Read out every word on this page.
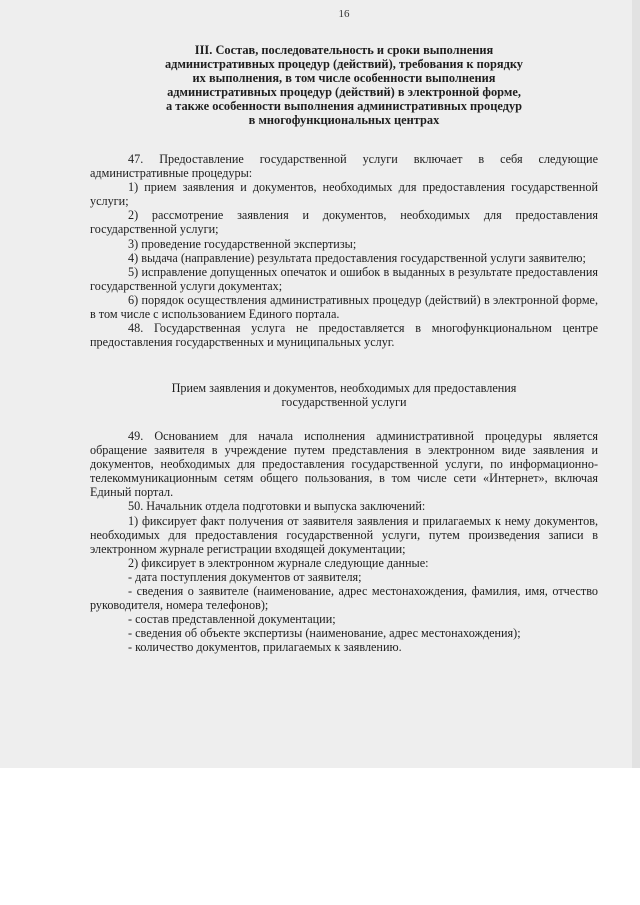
16
III. Состав, последовательность и сроки выполнения
административных процедур (действий), требования к порядку
их выполнения, в том числе особенности выполнения
административных процедур (действий) в электронной форме,
а также особенности выполнения административных процедур
в многофункциональных центрах

47. Предоставление государственной услуги включает в себя следующие административные процедуры:

1) прием заявления и документов, необходимых для предоставления государственной услуги;

2) рассмотрение заявления и документов, необходимых для предоставления государственной услуги;

3) проведение государственной экспертизы;

4) выдача (направление) результата предоставления государственной услуги заявителю;

5) исправление допущенных опечаток и ошибок в выданных в результате предоставления государственной услуги документах;

6) порядок осуществления административных процедур (действий) в электронной форме, в том числе с использованием Единого портала.

48. Государственная услуга не предоставляется в многофункциональном центре предоставления государственных и муниципальных услуг.

Прием заявления и документов, необходимых для предоставления
государственной услуги

49. Основанием для начала исполнения административной процедуры является обращение заявителя в учреждение путем представления в электронном виде заявления и документов, необходимых для предоставления государственной услуги, по информационно-телекоммуникационным сетям общего пользования, в том числе сети «Интернет», включая Единый портал.

50. Начальник отдела подготовки и выпуска заключений:

1) фиксирует факт получения от заявителя заявления и прилагаемых к нему документов, необходимых для предоставления государственной услуги, путем произведения записи в электронном журнале регистрации входящей документации;

2) фиксирует в электронном журнале следующие данные:

- дата поступления документов от заявителя;

- сведения о заявителе (наименование, адрес местонахождения, фамилия, имя, отчество руководителя, номера телефонов);

- состав представленной документации;

- сведения об объекте экспертизы (наименование, адрес местонахождения);

- количество документов, прилагаемых к заявлению.
